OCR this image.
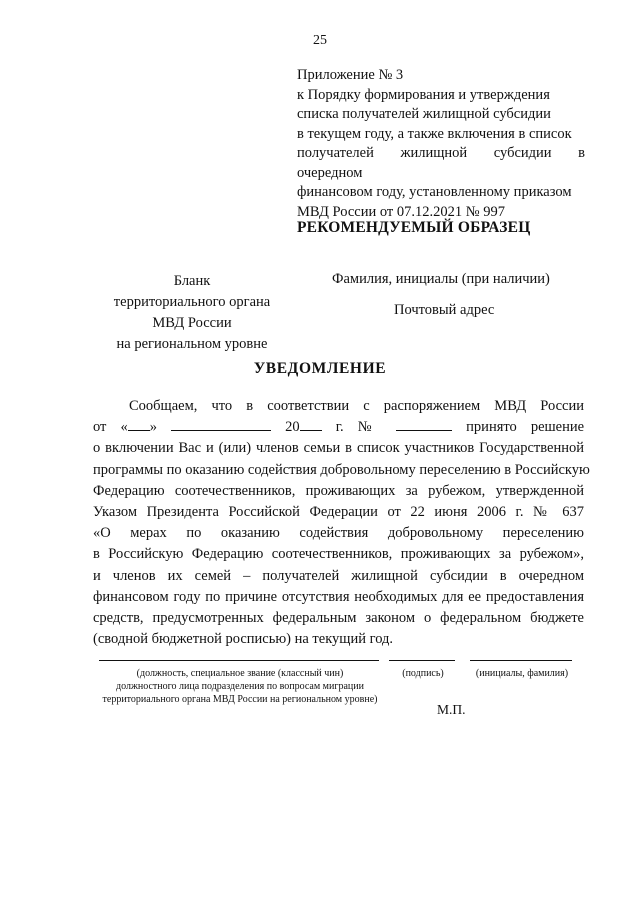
25
Приложение № 3
к Порядку формирования и утверждения
списка получателей жилищной субсидии
в текущем году, а также включения в список
получателей жилищной субсидии в очередном
финансовом году, установленному приказом
МВД России от 07.12.2021 № 997
РЕКОМЕНДУЕМЫЙ ОБРАЗЕЦ
Бланк
территориального органа
МВД России
на региональном уровне
Фамилия, инициалы (при наличии)
Почтовый адрес
УВЕДОМЛЕНИЕ
Сообщаем, что в соответствии с распоряжением МВД России
от « »	20 г. №	принято решение
о включении Вас и (или) членов семьи в список участников Государственной
программы по оказанию содействия добровольному переселению в Российскую
Федерацию соотечественников, проживающих за рубежом, утвержденной
Указом Президента Российской Федерации от 22 июня 2006 г. № 637
«О мерах по оказанию содействия добровольному переселению
в Российскую Федерацию соотечественников, проживающих за рубежом»,
и членов их семей – получателей жилищной субсидии в очередном
финансовом году по причине отсутствия необходимых для ее предоставления
средств, предусмотренных федеральным законом о федеральном бюджете
(сводной бюджетной росписью) на текущий год.
(должность, специальное звание (классный чин)
должностного лица подразделения по вопросам миграции
территориального органа МВД России на региональном уровне)
(подпись)	(инициалы, фамилия)
М.П.
